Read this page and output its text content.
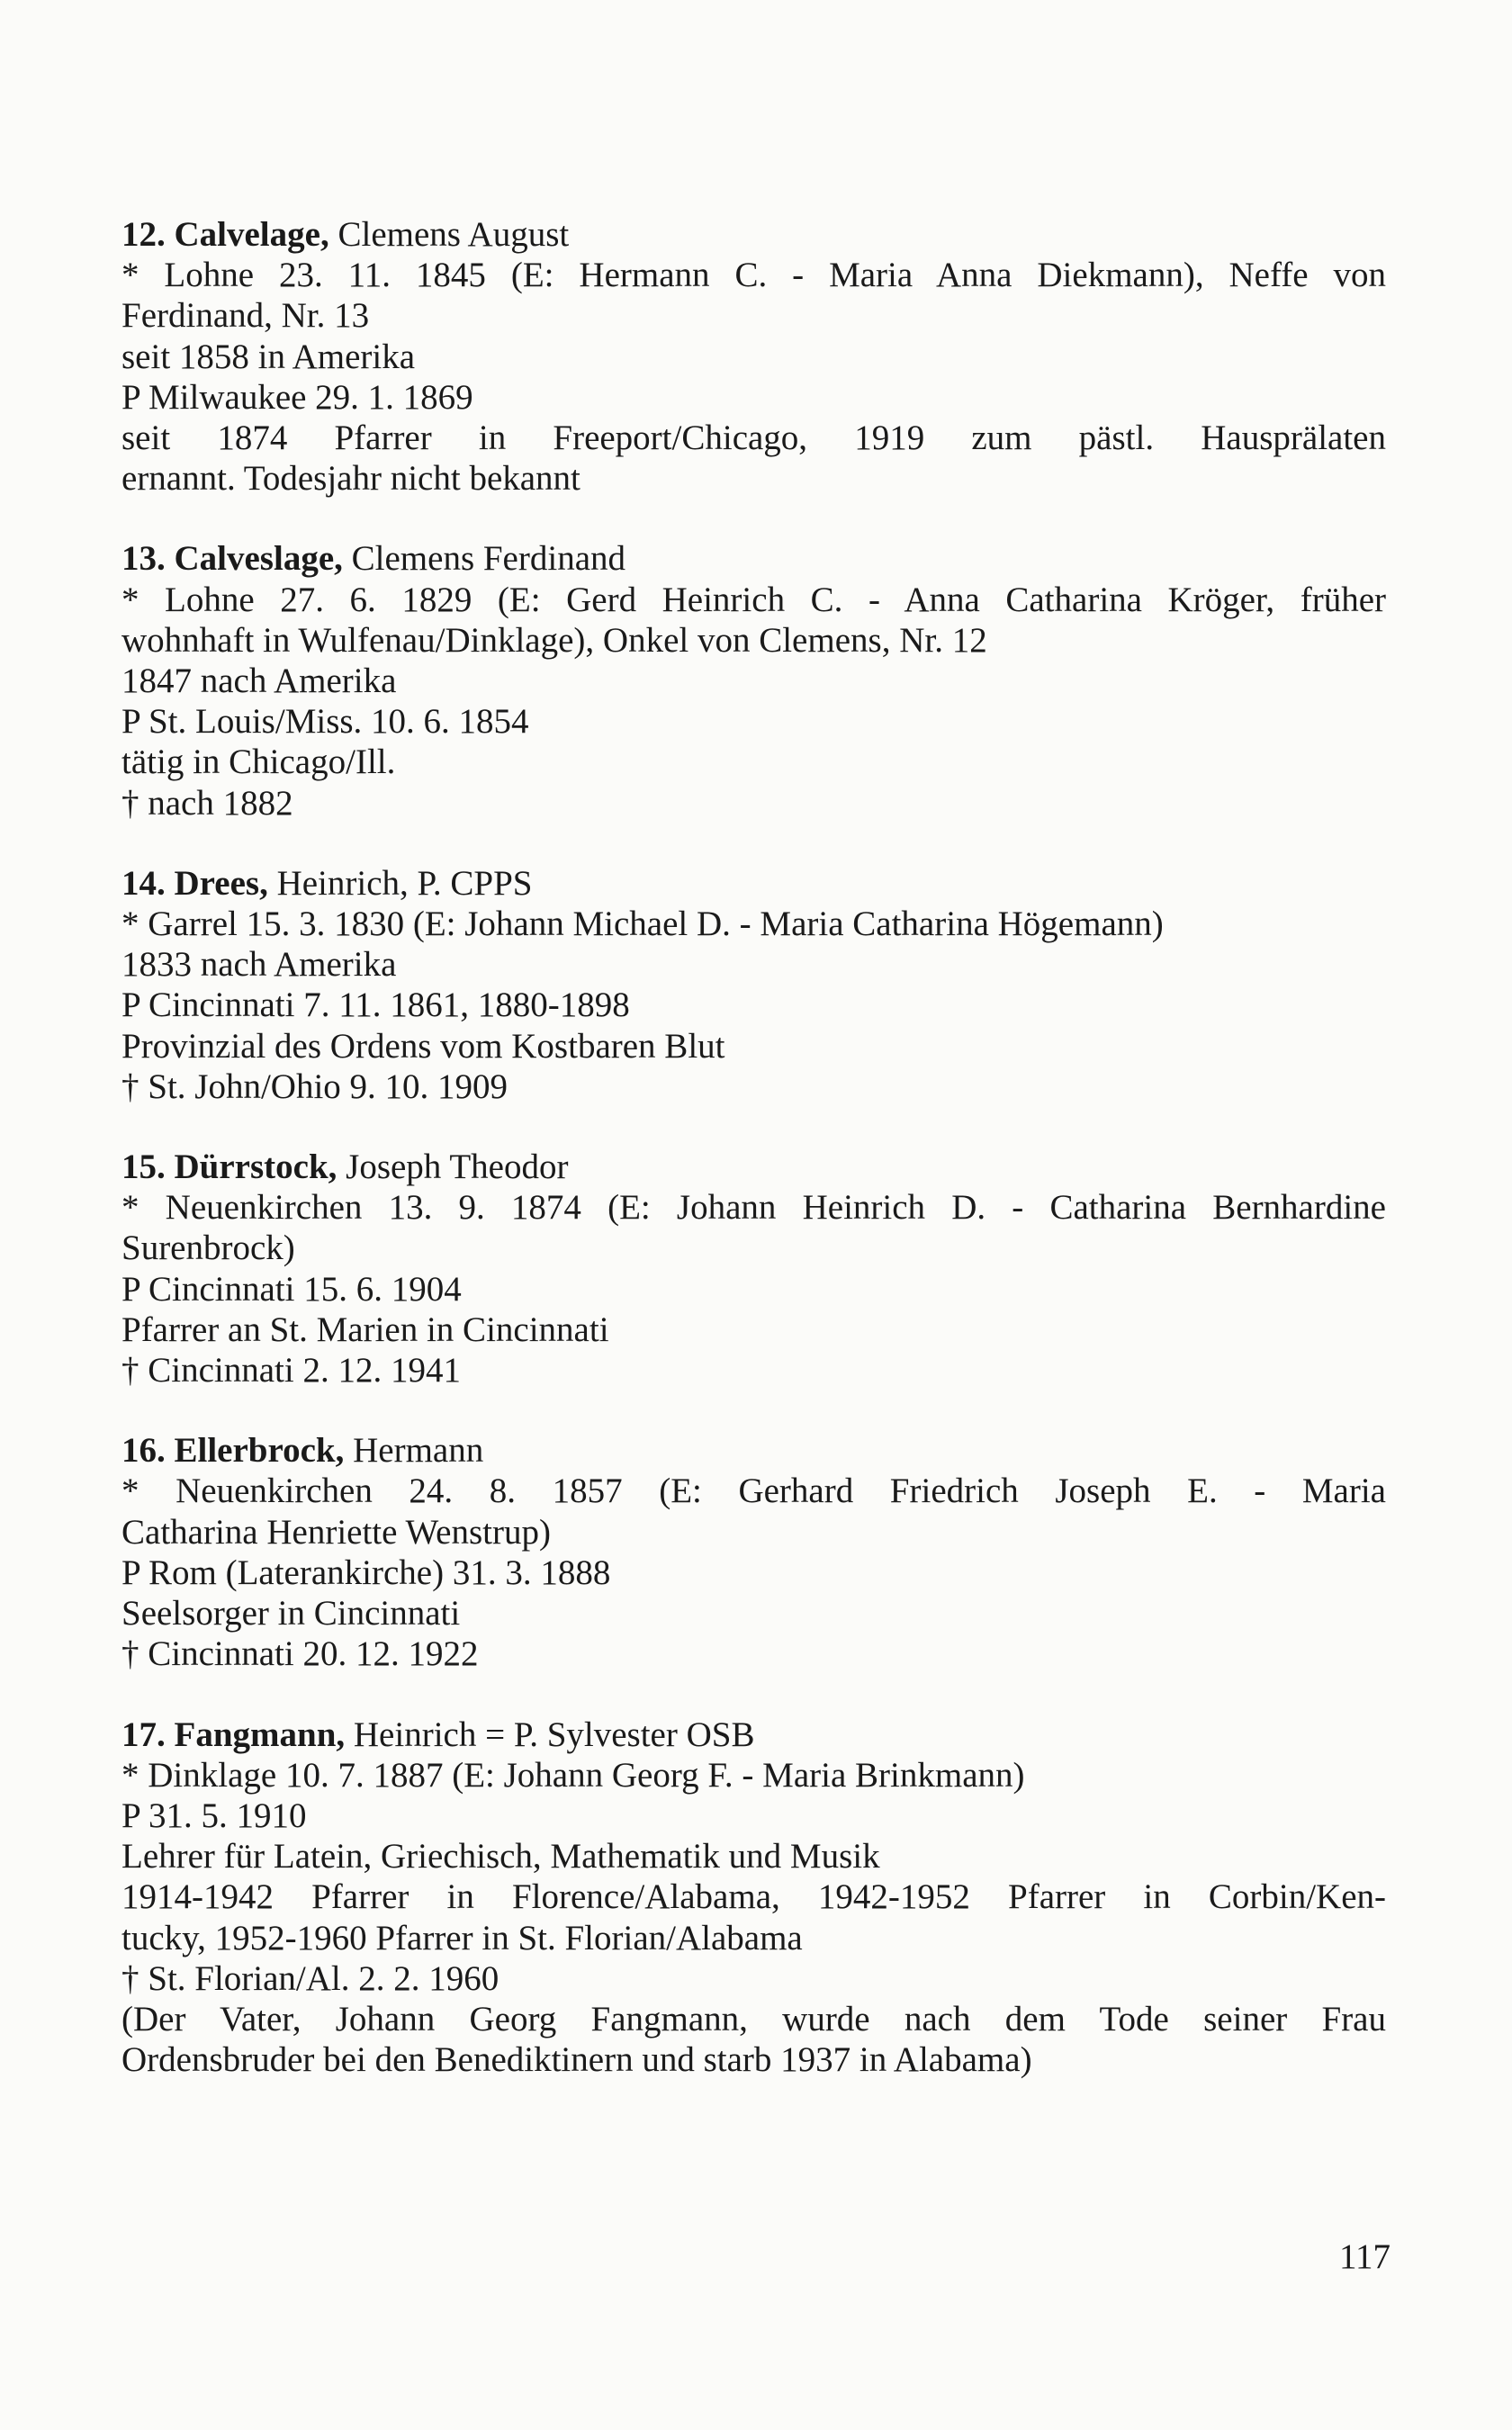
12. Calvelage, Clemens August
* Lohne 23. 11. 1845 (E: Hermann C. - Maria Anna Diekmann), Neffe von
Ferdinand, Nr. 13
seit 1858 in Amerika
P Milwaukee 29. 1. 1869
seit 1874 Pfarrer in Freeport/Chicago, 1919 zum pästl. Hausprälaten
ernannt. Todesjahr nicht bekannt
13. Calveslage, Clemens Ferdinand
* Lohne 27. 6. 1829 (E: Gerd Heinrich C. - Anna Catharina Kröger, früher
wohnhaft in Wulfenau/Dinklage), Onkel von Clemens, Nr. 12
1847 nach Amerika
P St. Louis/Miss. 10. 6. 1854
tätig in Chicago/Ill.
† nach 1882
14. Drees, Heinrich, P. CPPS
* Garrel 15. 3. 1830 (E: Johann Michael D. - Maria Catharina Högemann)
1833 nach Amerika
P Cincinnati 7. 11. 1861, 1880-1898
Provinzial des Ordens vom Kostbaren Blut
† St. John/Ohio 9. 10. 1909
15. Dürrstock, Joseph Theodor
* Neuenkirchen 13. 9. 1874 (E: Johann Heinrich D. - Catharina Bernhardine
Surenbrock)
P Cincinnati 15. 6. 1904
Pfarrer an St. Marien in Cincinnati
† Cincinnati 2. 12. 1941
16. Ellerbrock, Hermann
* Neuenkirchen 24. 8. 1857 (E: Gerhard Friedrich Joseph E. - Maria
Catharina Henriette Wenstrup)
P Rom (Laterankirche) 31. 3. 1888
Seelsorger in Cincinnati
† Cincinnati 20. 12. 1922
17. Fangmann, Heinrich = P. Sylvester OSB
* Dinklage 10. 7. 1887 (E: Johann Georg F. - Maria Brinkmann)
P 31. 5. 1910
Lehrer für Latein, Griechisch, Mathematik und Musik
1914-1942 Pfarrer in Florence/Alabama, 1942-1952 Pfarrer in Corbin/Ken-
tucky, 1952-1960 Pfarrer in St. Florian/Alabama
† St. Florian/Al. 2. 2. 1960
(Der Vater, Johann Georg Fangmann, wurde nach dem Tode seiner Frau
Ordensbruder bei den Benediktinern und starb 1937 in Alabama)
117
